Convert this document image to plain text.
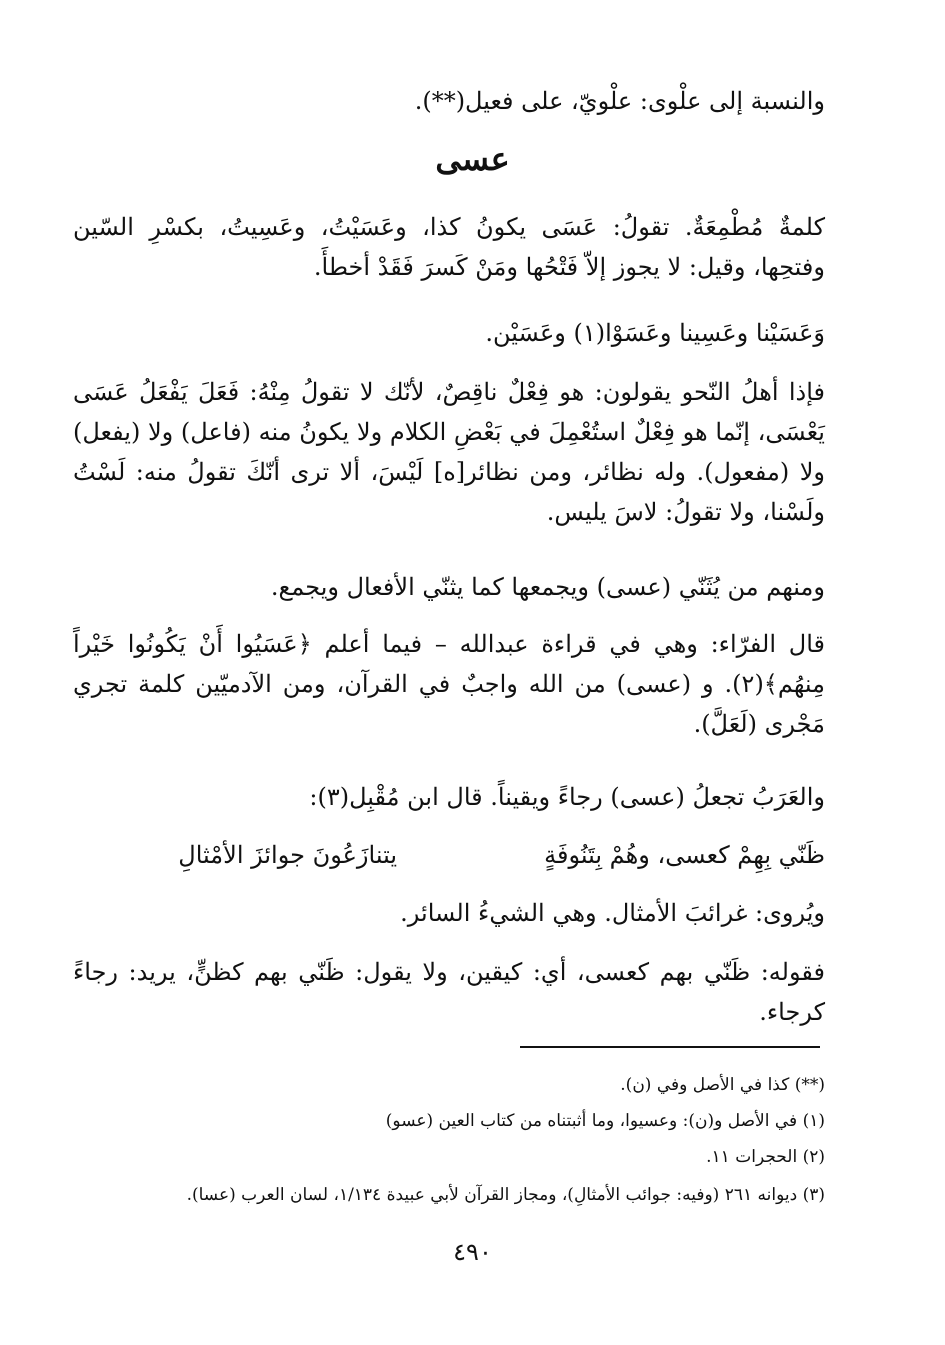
والنسبة إلى علْوى: علْويّ، على فعيل(**).
عسى
كلمةٌ مُطْمِعَةٌ. تقولُ: عَسَى يكونُ كذا، وعَسَيْتُ، وعَسِيتُ، بكسْرِ السّين وفتحِها، وقيل: لا يجوز إلاّ فَتْحُها ومَنْ كَسرَ فَقَدْ أخطأَ.
وَعَسَيْنا وعَسِينا وعَسَوْا(١) وعَسَيْن.
فإذا أهلُ النّحو يقولون: هو فِعْلٌ ناقِصٌ، لأنّك لا تقولُ مِنْهُ: فَعَلَ يَفْعَلُ عَسَى يَعْسَى، إنّما هو فِعْلٌ استُعْمِلَ في بَعْضِ الكلام ولا يكونُ منه (فاعل) ولا (يفعل) ولا (مفعول). وله نظائر، ومن نظائر[ه] لَيْسَ، ألا ترى أنّكَ تقولُ منه: لَسْتُ ولَسْنا، ولا تقولُ: لاسَ يليس.
ومنهم من يُثَنّي (عسى) ويجمعها كما يثنّي الأفعال ويجمع.
قال الفرّاء: وهي في قراءة عبدالله – فيما أعلم ﴿عَسَيُوا أَنْ يَكُونُوا خَيْراً مِنهُم﴾(٢). و (عسى) من الله واجبٌ في القرآن، ومن الآدميّين كلمة تجري مَجْرى (لَعَلَّ).
والعَرَبُ تجعلُ (عسى) رجاءً ويقيناً. قال ابن مُقْبِل(٣):
ظَنّي بِهِمْ كعسى، وهُمْ بِتَنُوفَةٍ
يتنازَعُونَ جوائزَ الأمْثالِ
ويُروى: غرائبَ الأمثال. وهي الشيءُ السائر.
فقوله: ظَنّي بهم كعسى، أي: كيقين، ولا يقول: ظَنّي بهم كظنٍّ، يريد: رجاءً كرجاء.
(**) كذا في الأصل وفي (ن).
(١) في الأصل و(ن): وعسيوا، وما أثبتناه من كتاب العين (عسو)
(٢) الحجرات ١١.
(٣) ديوانه ٢٦١ (وفيه: جوائب الأمثالِ)، ومجاز القرآن لأبي عبيدة ١/١٣٤، لسان العرب (عسا).
٤٩٠
